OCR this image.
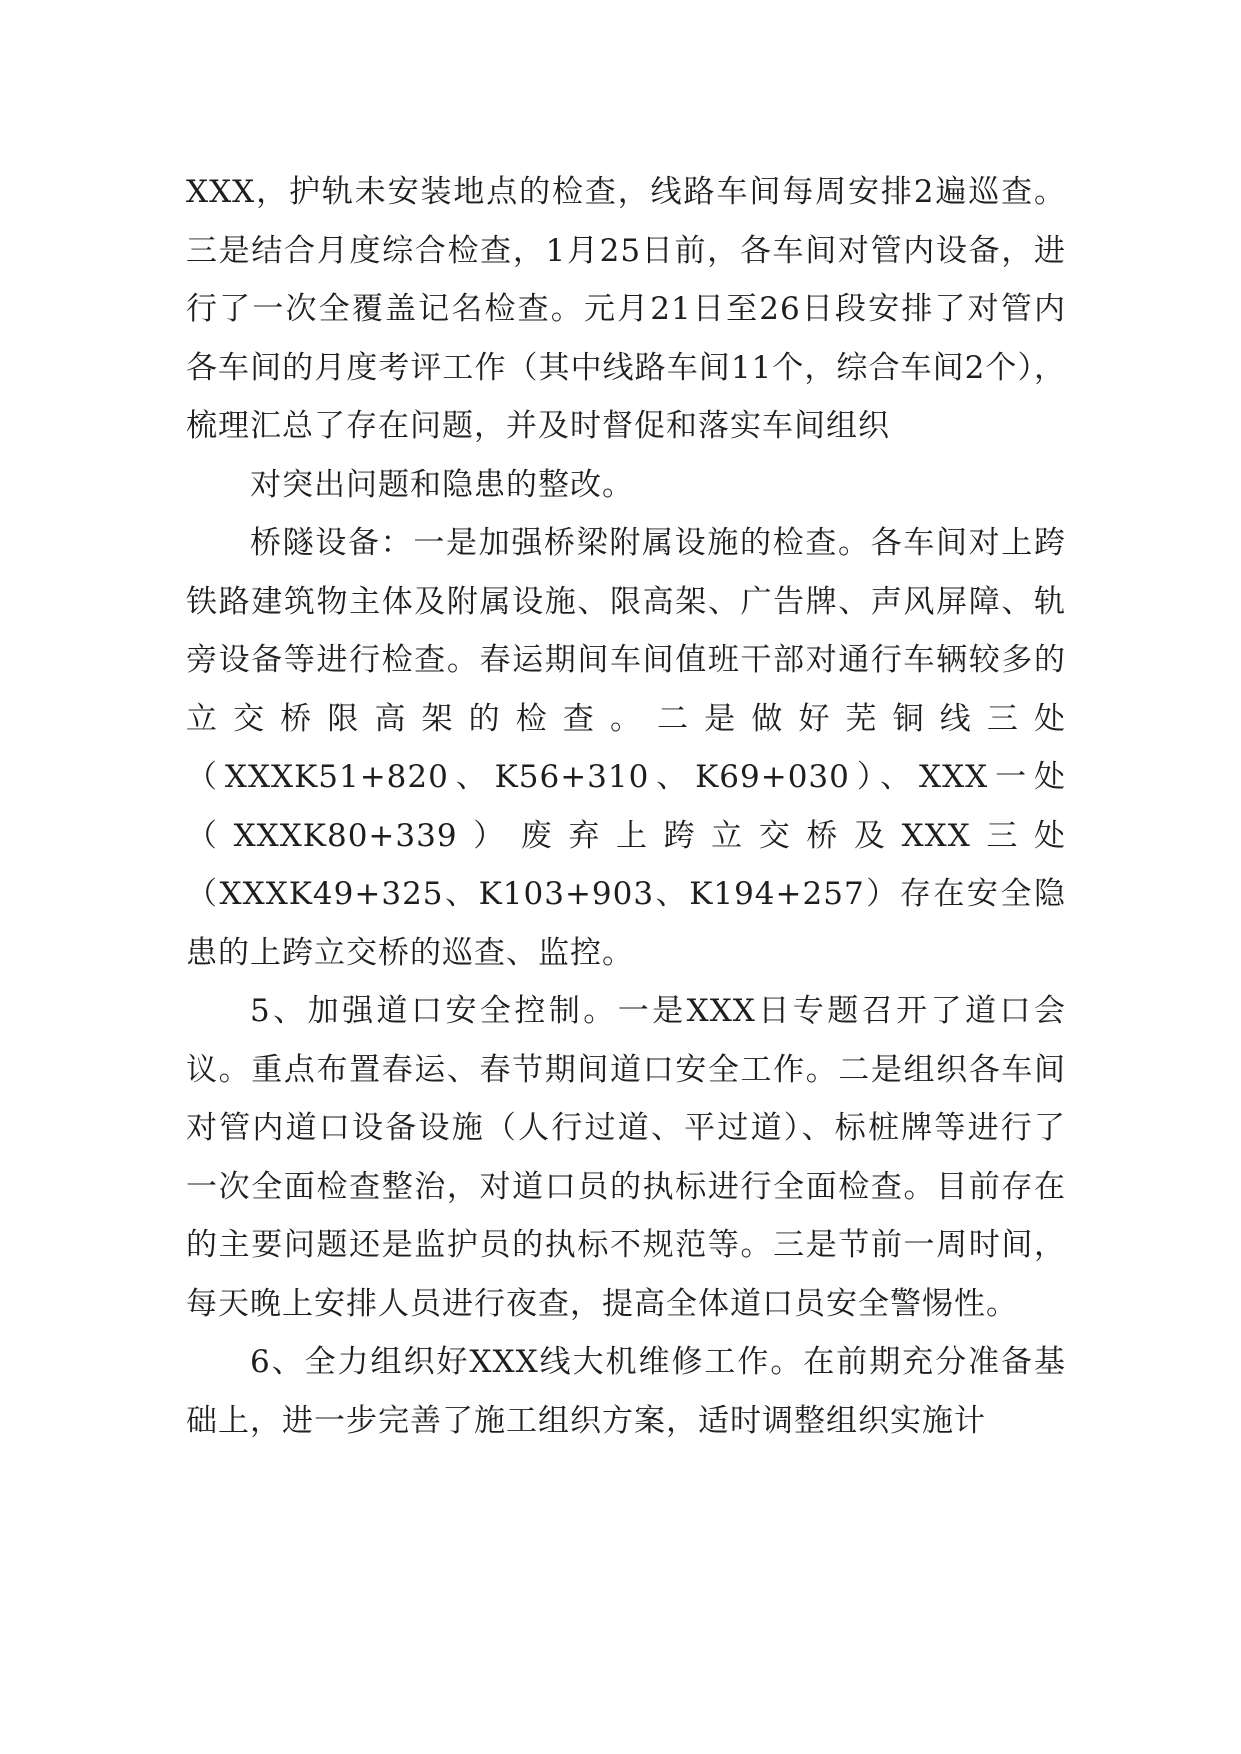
XXX，护轨未安装地点的检查，线路车间每周安排2遍巡查。三是结合月度综合检查，1月25日前，各车间对管内设备，进行了一次全覆盖记名检查。元月21日至26日段安排了对管内各车间的月度考评工作（其中线路车间11个，综合车间2个），梳理汇总了存在问题，并及时督促和落实车间组织

对突出问题和隐患的整改。

桥隧设备：一是加强桥梁附属设施的检查。各车间对上跨铁路建筑物主体及附属设施、限高架、广告牌、声风屏障、轨旁设备等进行检查。春运期间车间值班干部对通行车辆较多的立交桥限高架的检查。二是做好芜铜线三处（XXXK51+820、K56+310、K69+030）、XXX一处（XXXK80+339）废弃上跨立交桥及XXX三处（XXXK49+325、K103+903、K194+257）存在安全隐患的上跨立交桥的巡查、监控。

5、加强道口安全控制。一是XXX日专题召开了道口会议。重点布置春运、春节期间道口安全工作。二是组织各车间对管内道口设备设施（人行过道、平过道）、标桩牌等进行了一次全面检查整治，对道口员的执标进行全面检查。目前存在的主要问题还是监护员的执标不规范等。三是节前一周时间，每天晚上安排人员进行夜查，提高全体道口员安全警惕性。

6、全力组织好XXX线大机维修工作。在前期充分准备基础上，进一步完善了施工组织方案，适时调整组织实施计
